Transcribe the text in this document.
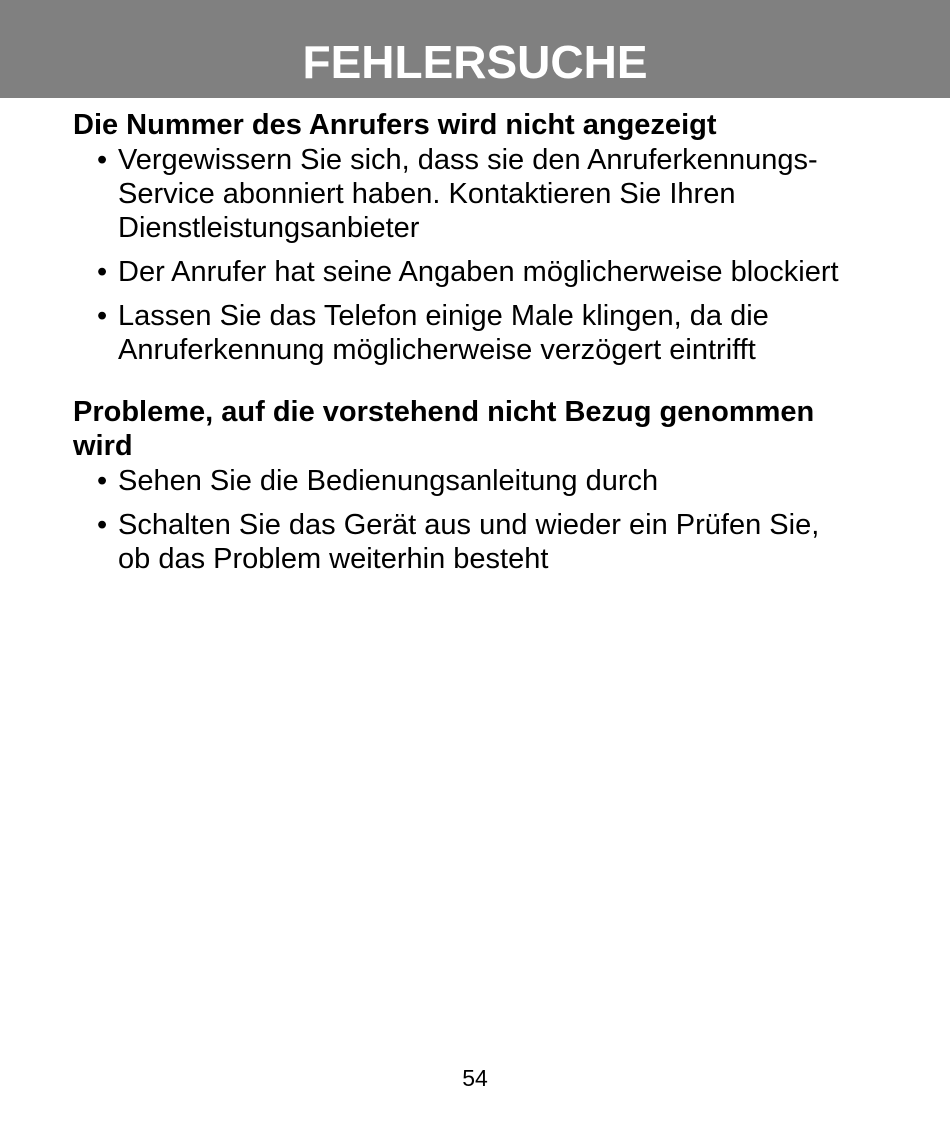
FEHLERSUCHE
Die Nummer des Anrufers wird nicht angezeigt
• Vergewissern Sie sich, dass sie den Anruferkennungs-
Service abonniert haben. Kontaktieren Sie Ihren
Dienstleistungsanbieter
• Der Anrufer hat seine Angaben möglicherweise blockiert
• Lassen Sie das Telefon einige Male klingen, da die
Anruferkennung möglicherweise verzögert eintrifft
Probleme, auf die vorstehend nicht Bezug genommen
wird
• Sehen Sie die Bedienungsanleitung durch
• Schalten Sie das Gerät aus und wieder ein Prüfen Sie,
ob das Problem weiterhin besteht
54
